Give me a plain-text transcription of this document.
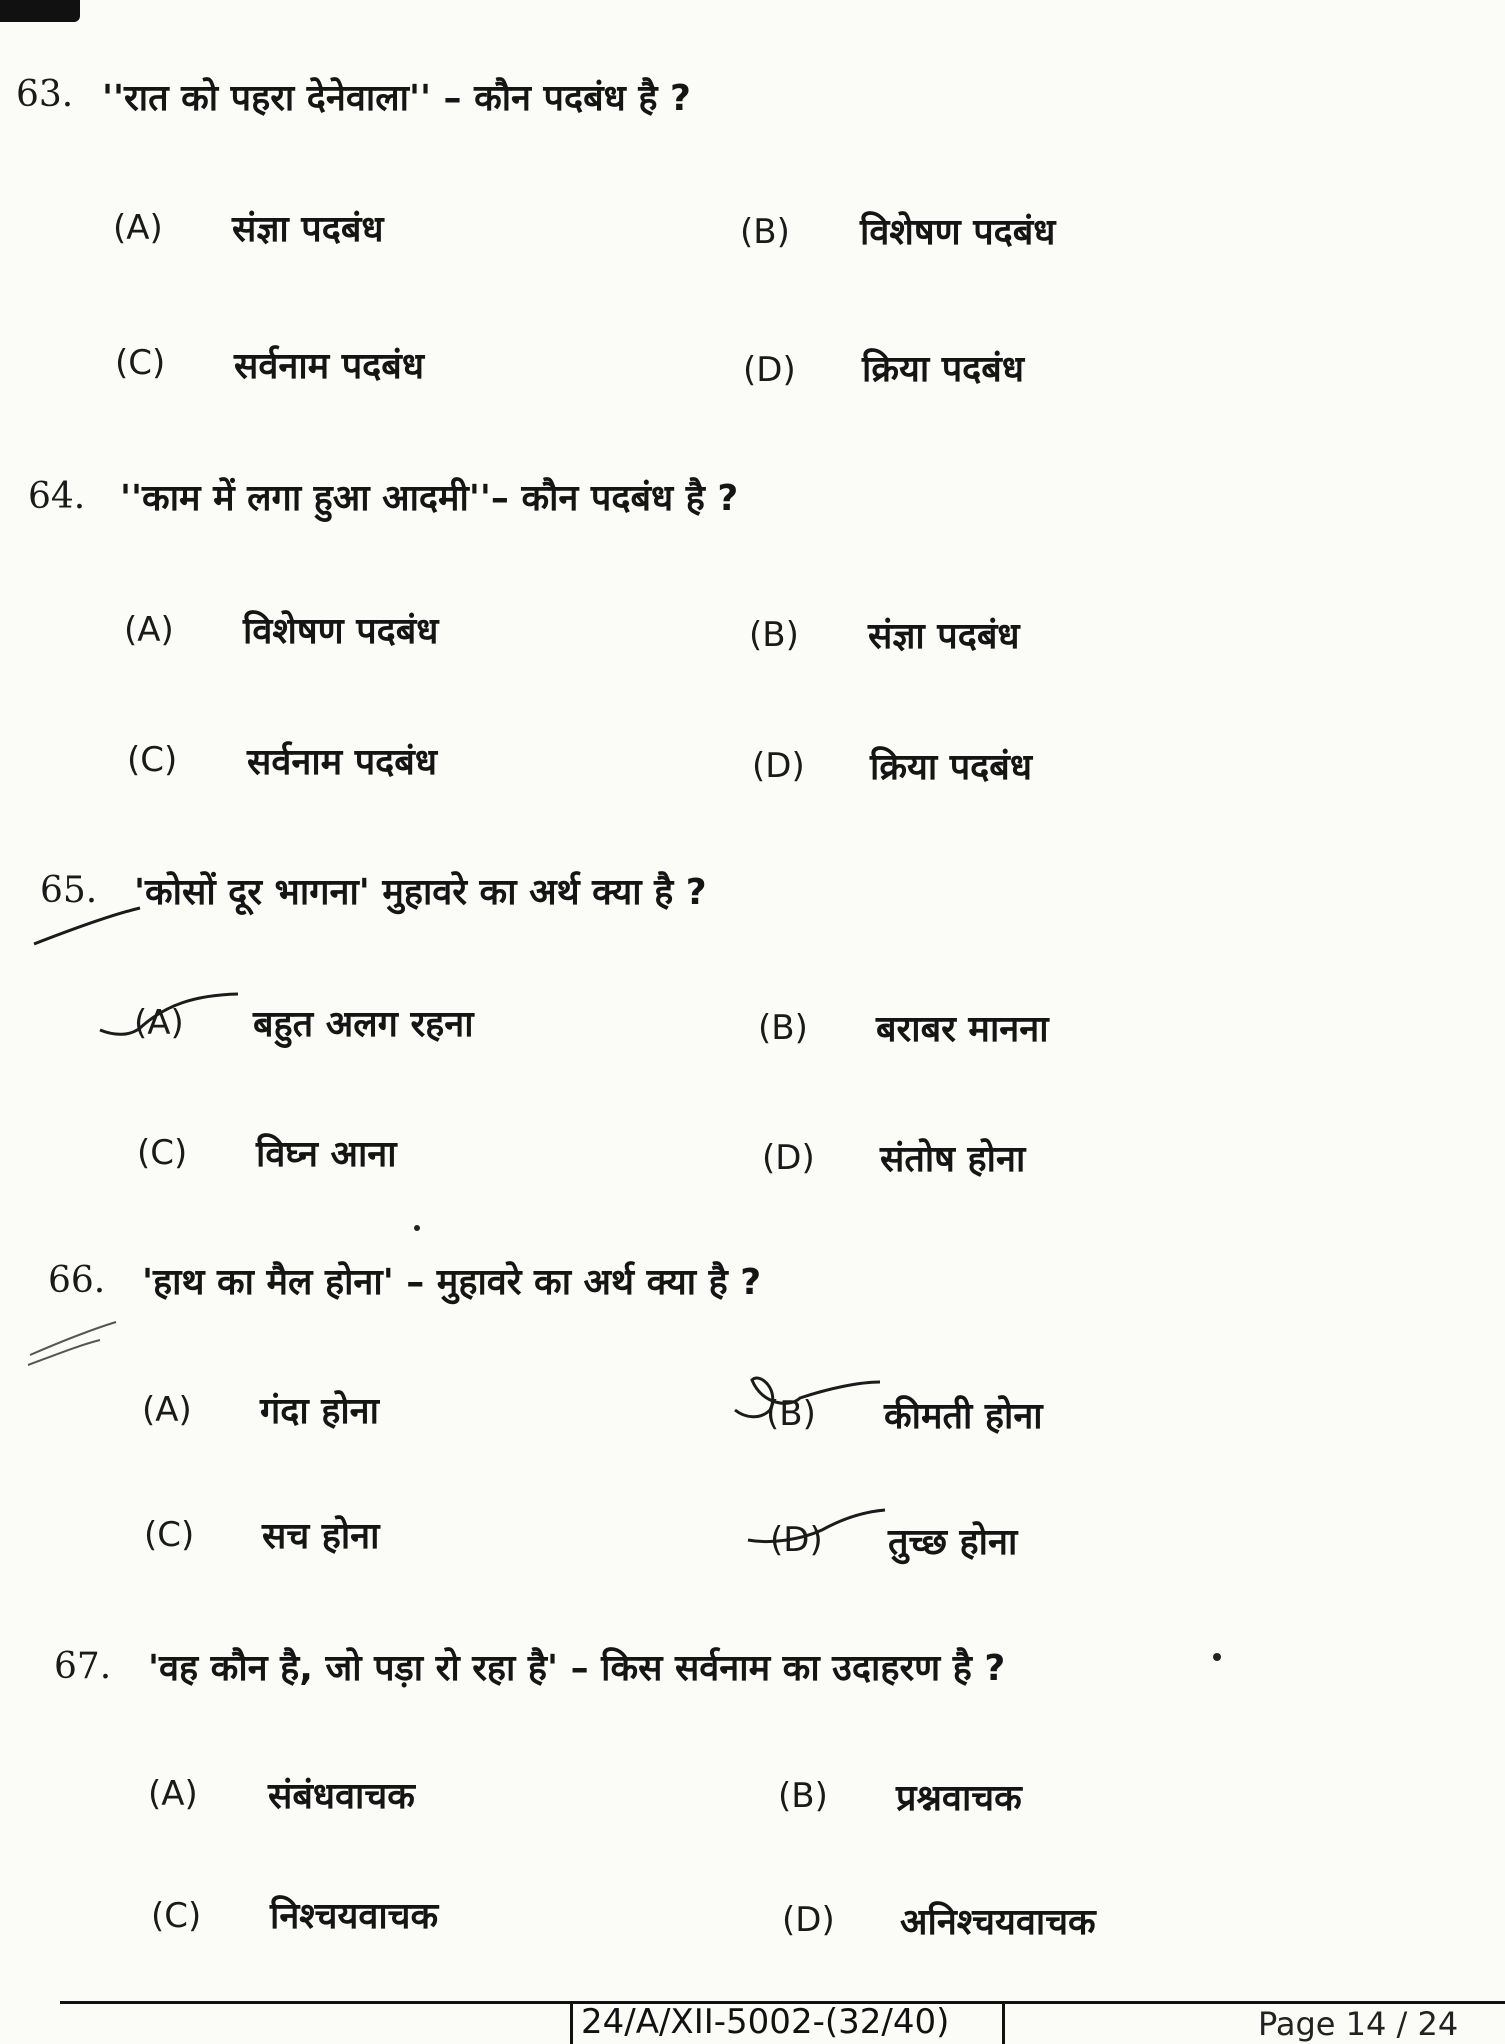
63. ''रात को पहरा देनेवाला'' – कौन पदबंध है ?
(A) संज्ञा पदबंध	(B) विशेषण पदबंध
(C) सर्वनाम पदबंध	(D) क्रिया पदबंध
64. ''काम में लगा हुआ आदमी''– कौन पदबंध है ?
(A) विशेषण पदबंध	(B) संज्ञा पदबंध
(C) सर्वनाम पदबंध	(D) क्रिया पदबंध
65. 'कोसों दूर भागना' मुहावरे का अर्थ क्या है ?
(A) बहुत अलग रहना	(B) बराबर मानना
(C) विघ्न आना	(D) संतोष होना
66. 'हाथ का मैल होना' – मुहावरे का अर्थ क्या है ?
(A) गंदा होना	(B) कीमती होना
(C) सच होना	(D) तुच्छ होना
67. 'वह कौन है, जो पड़ा रो रहा है' – किस सर्वनाम का उदाहरण है ?
(A) संबंधवाचक	(B) प्रश्नवाचक
(C) निश्चयवाचक	(D) अनिश्चयवाचक
24/A/XII-5002-(32/40)	Page 14 / 24
